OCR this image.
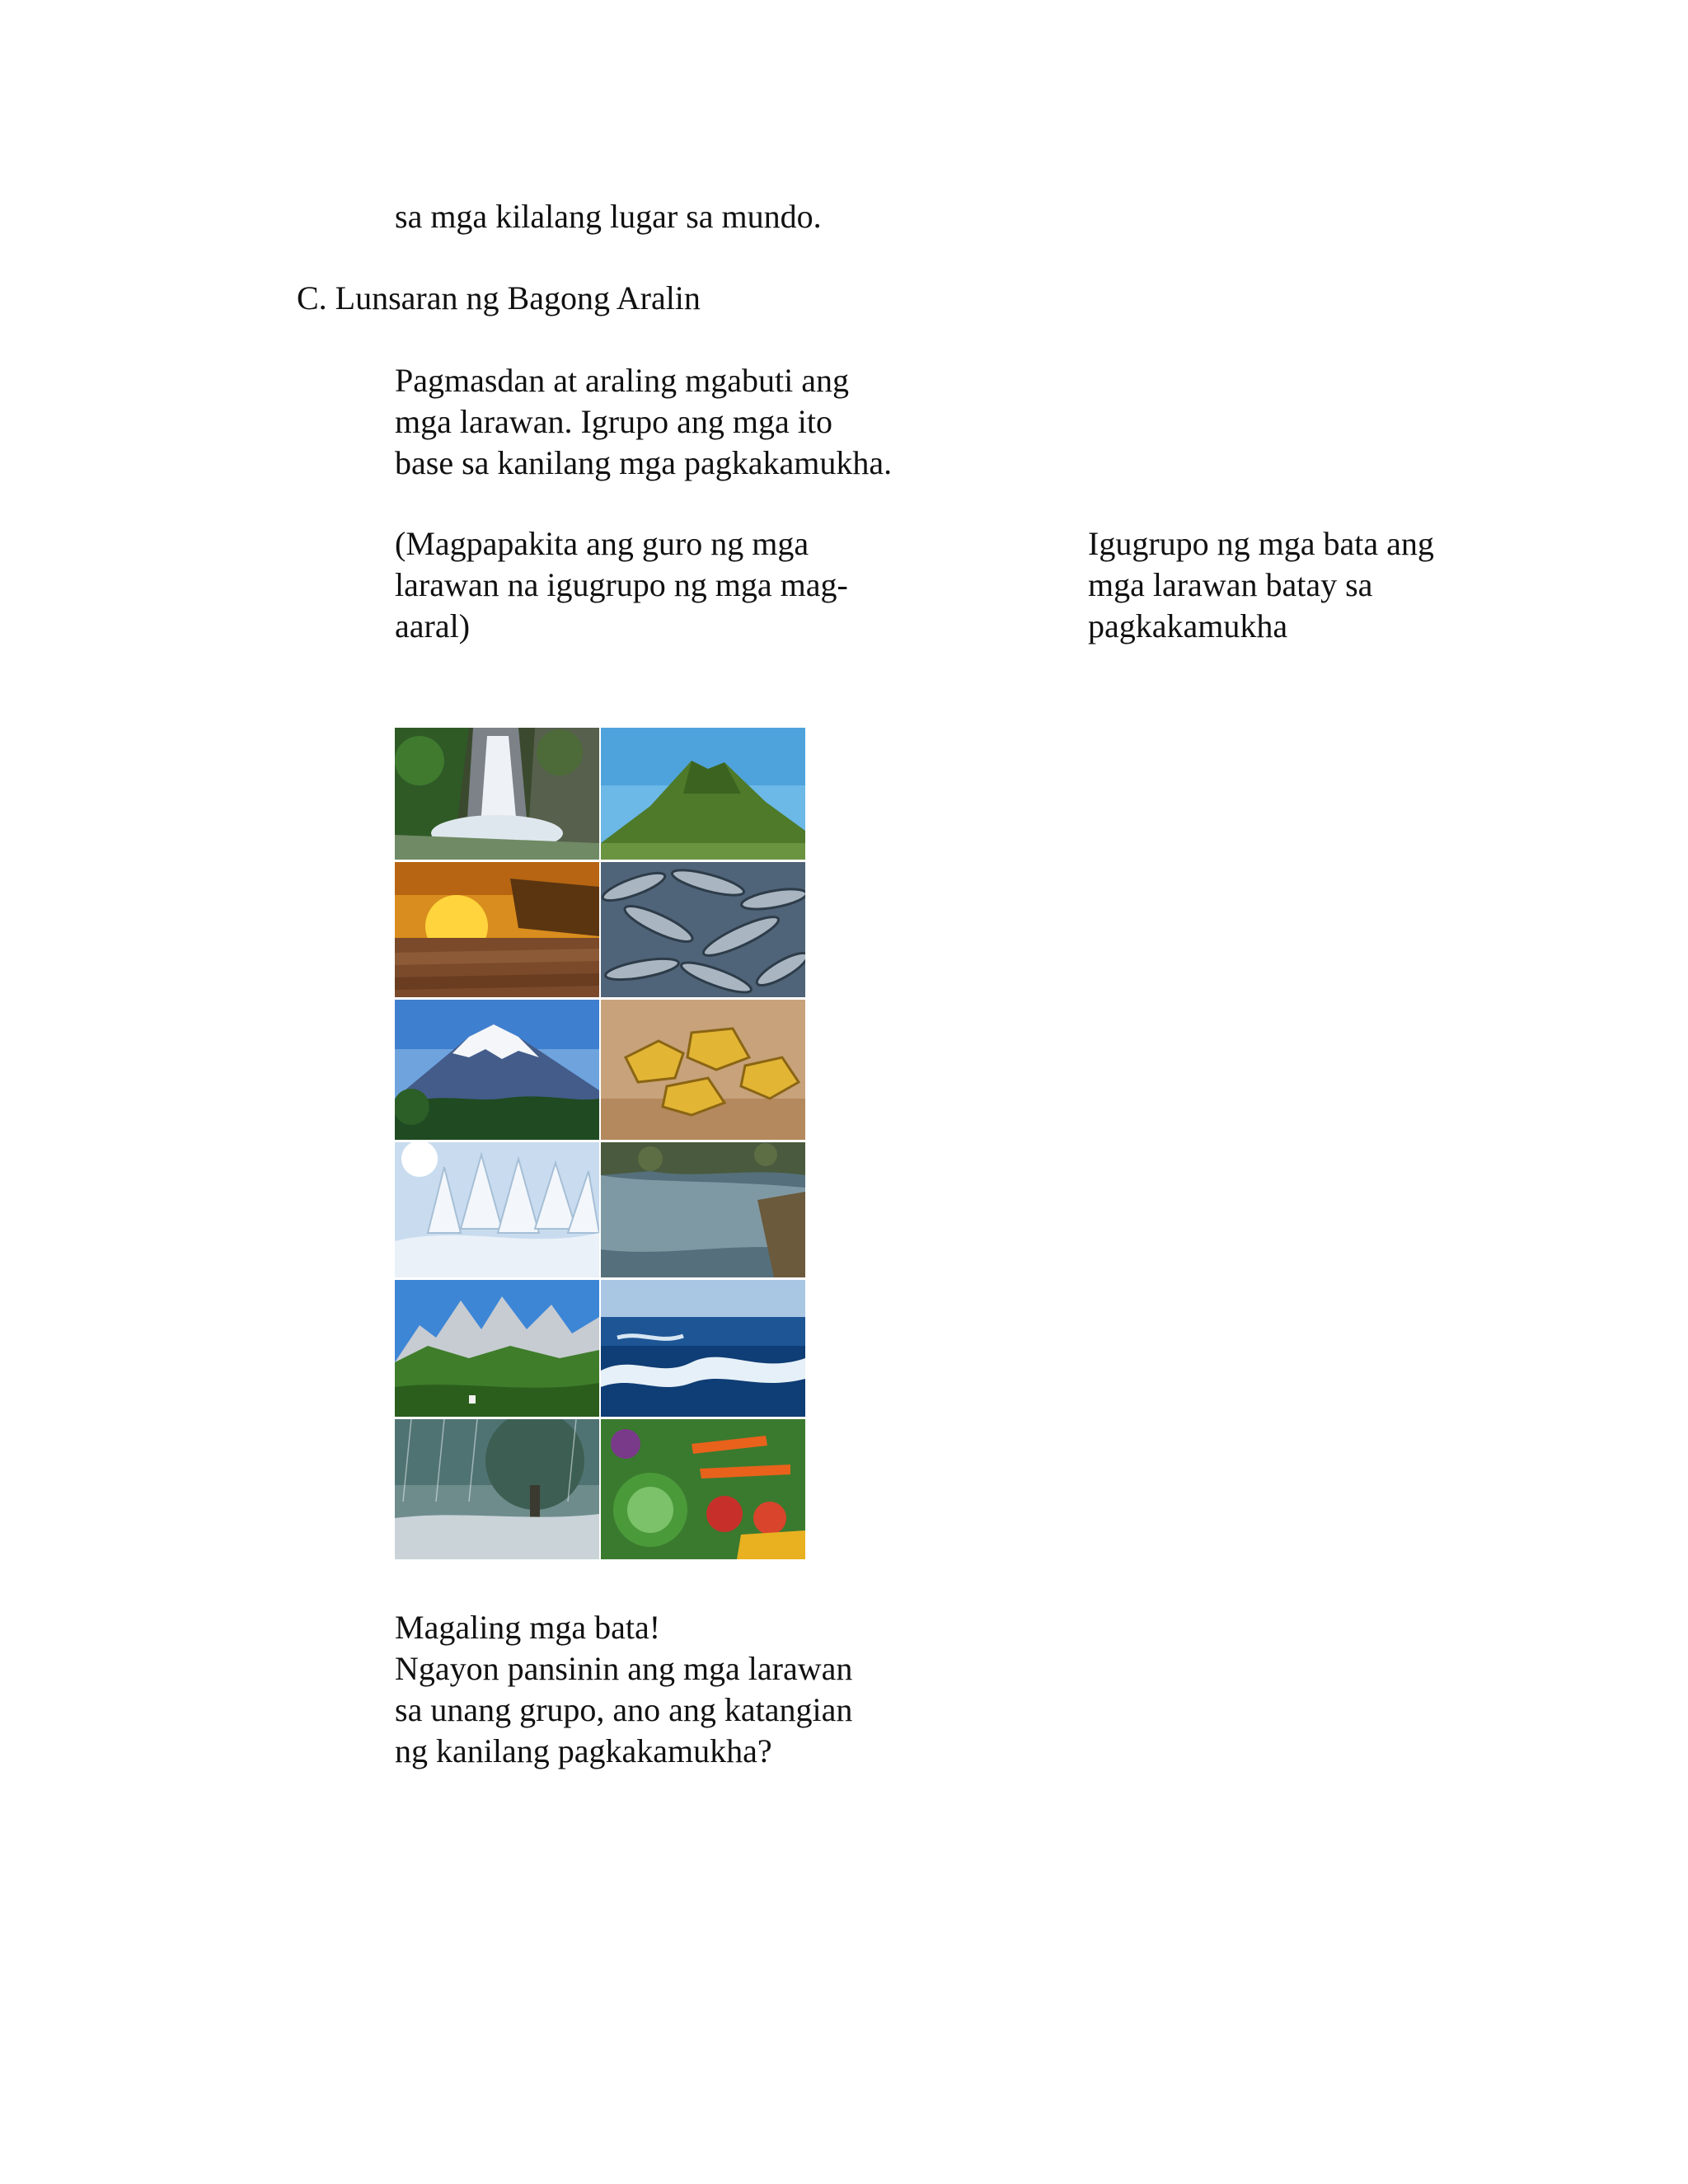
sa mga kilalang lugar sa mundo.

C. Lunsaran ng Bagong Aralin

Pagmasdan at araling mgabuti ang
mga larawan. Igrupo ang mga ito
base sa kanilang mga pagkakamukha.
(Magpapakita ang guro ng mga
larawan na igugrupo ng mga mag-
aaral)
Igugrupo ng mga bata ang
mga larawan batay sa
pagkakamukha
Magaling mga bata!
Ngayon pansinin ang mga larawan
sa unang grupo, ano ang katangian
ng kanilang pagkakamukha?
